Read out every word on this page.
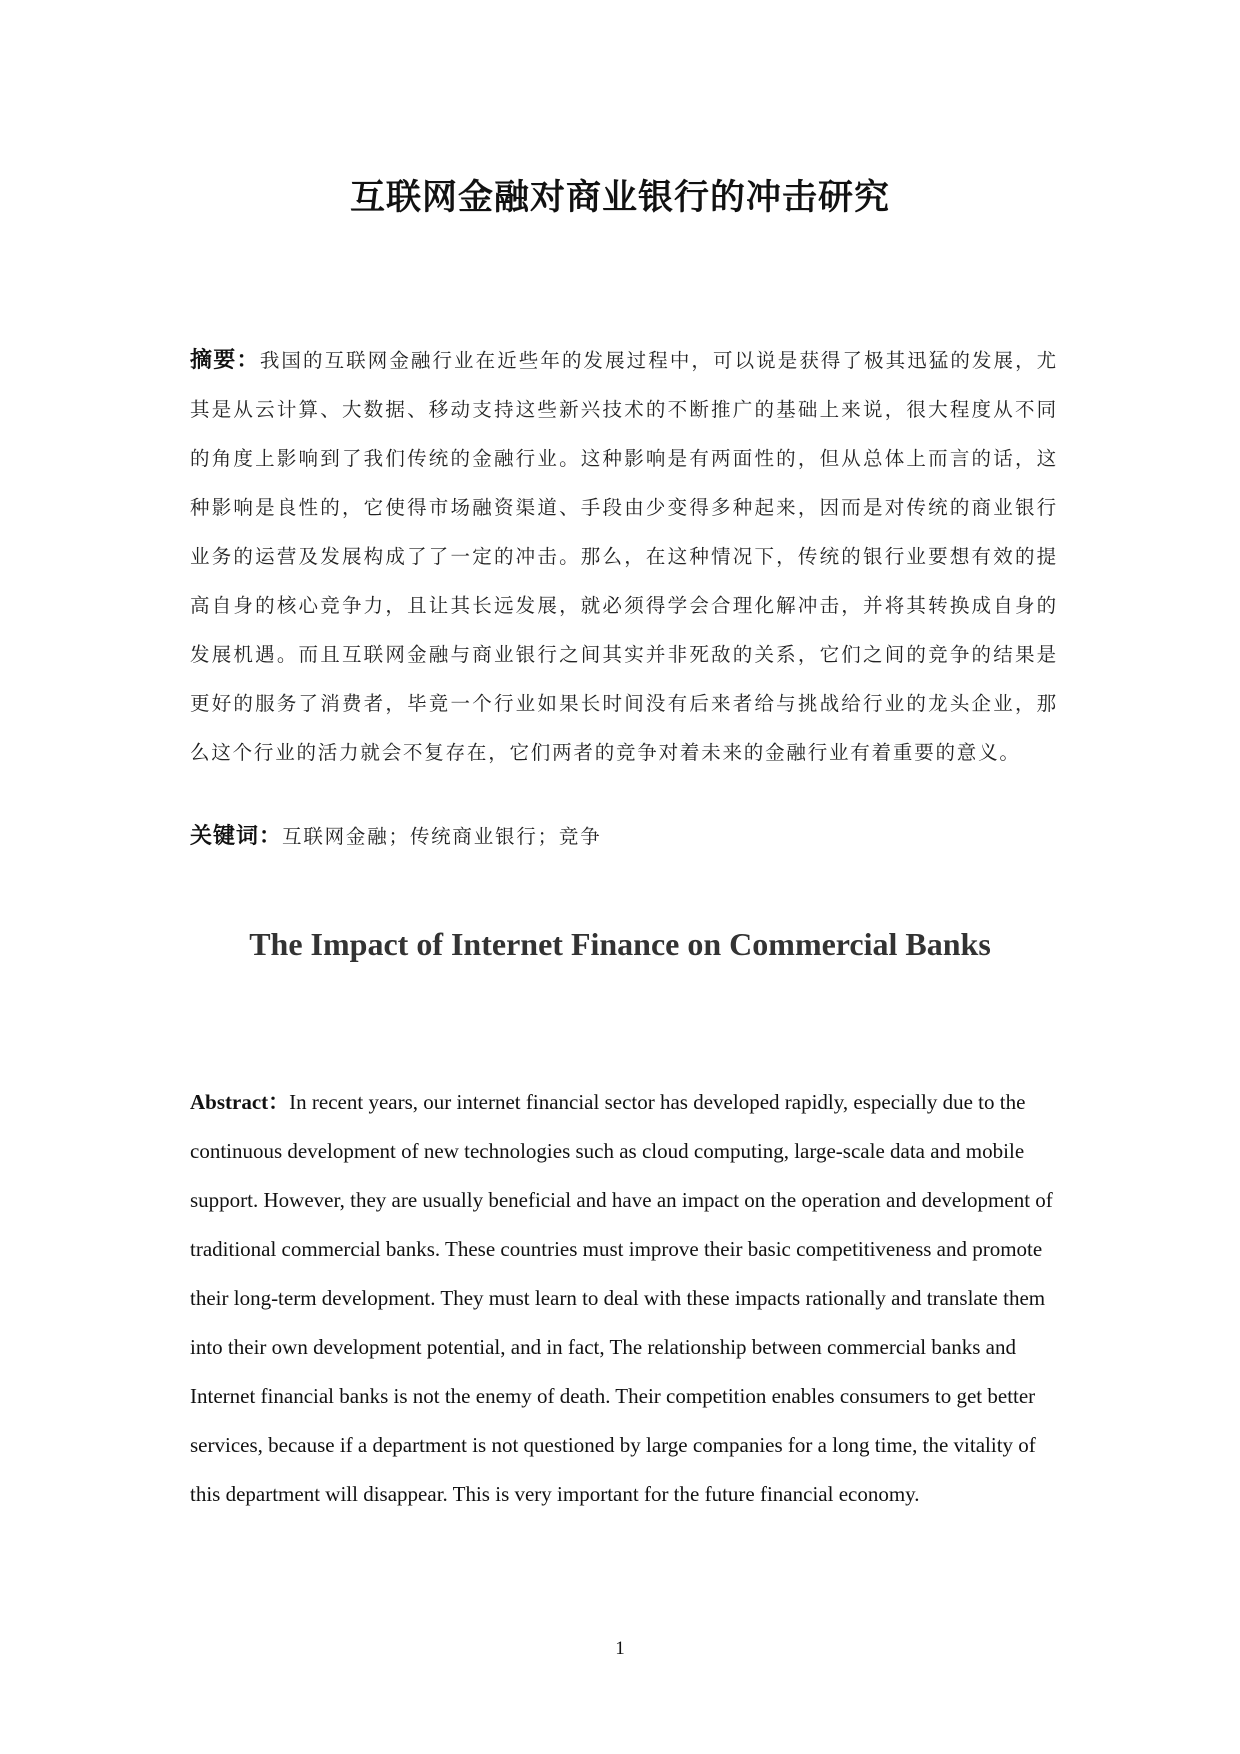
互联网金融对商业银行的冲击研究
摘要：我国的互联网金融行业在近些年的发展过程中，可以说是获得了极其迅猛的发展，尤其是从云计算、大数据、移动支持这些新兴技术的不断推广的基础上来说，很大程度从不同的角度上影响到了我们传统的金融行业。这种影响是有两面性的，但从总体上而言的话，这种影响是良性的，它使得市场融资渠道、手段由少变得多种起来，因而是对传统的商业银行业务的运营及发展构成了了一定的冲击。那么，在这种情况下，传统的银行业要想有效的提高自身的核心竞争力，且让其长远发展，就必须得学会合理化解冲击，并将其转换成自身的发展机遇。而且互联网金融与商业银行之间其实并非死敌的关系，它们之间的竞争的结果是更好的服务了消费者，毕竟一个行业如果长时间没有后来者给与挑战给行业的龙头企业，那么这个行业的活力就会不复存在，它们两者的竞争对着未来的金融行业有着重要的意义。
关键词：互联网金融；传统商业银行；竞争
The Impact of Internet Finance on Commercial Banks
Abstract：In recent years, our internet financial sector has developed rapidly, especially due to the continuous development of new technologies such as cloud computing, large-scale data and mobile support. However, they are usually beneficial and have an impact on the operation and development of traditional commercial banks. These countries must improve their basic competitiveness and promote their long-term development. They must learn to deal with these impacts rationally and translate them into their own development potential, and in fact, The relationship between commercial banks and Internet financial banks is not the enemy of death. Their competition enables consumers to get better services, because if a department is not questioned by large companies for a long time, the vitality of this department will disappear. This is very important for the future financial economy.
1
